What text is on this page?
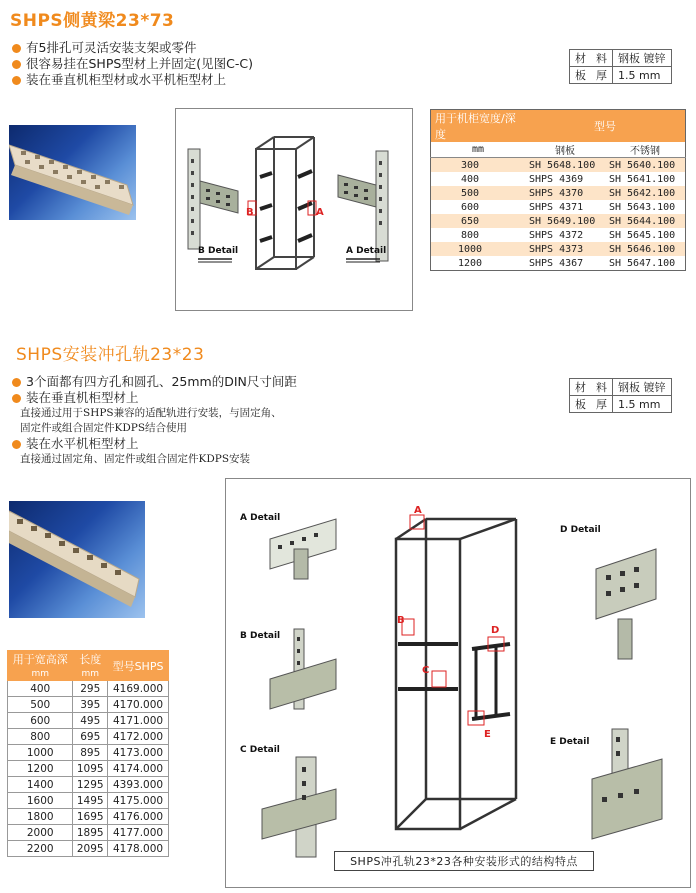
SHPS侧黄梁23*73
有5排孔可灵活安装支架或零件
很容易挂在SHPS型材上并固定(见图C-C)
装在垂直机柜型材或水平机柜型材上
材 料	钢板 镀锌
板 厚	1.5 mm
B Detail	A Detail
B	A
用于机柜宽度/深度	型号	
mm	钢板	不锈钢
300	SH 5648.100	SH 5640.100
400	SHPS 4369	SH 5641.100
500	SHPS 4370	SH 5642.100
600	SHPS 4371	SH 5643.100
650	SH 5649.100	SH 5644.100
800	SHPS 4372	SH 5645.100
1000	SHPS 4373	SH 5646.100
1200	SHPS 4367	SH 5647.100
SHPS安装冲孔轨23*23
3个面都有四方孔和圆孔、25mm的DIN尺寸间距
装在垂直机柜型材上
直接通过用于SHPS兼容的适配轨进行安装，与固定角、
固定件或组合固定件KDPS结合使用
装在水平机柜型材上
直接通过固定角、固定件或组合固定件KDPS安装
材 料	钢板 镀锌
板 厚	1.5 mm
用于宽高深	长度	型号SHPS
mm	mm	
400	295	4169.000
500	395	4170.000
600	495	4171.000
800	695	4172.000
1000	895	4173.000
1200	1095	4174.000
1400	1295	4393.000
1600	1495	4175.000
1800	1695	4176.000
2000	1895	4177.000
2200	2095	4178.000
A Detail
B Detail
C Detail
D Detail
E Detail
A
B
C
D
E
SHPS冲孔轨23*23各种安装形式的结构特点
